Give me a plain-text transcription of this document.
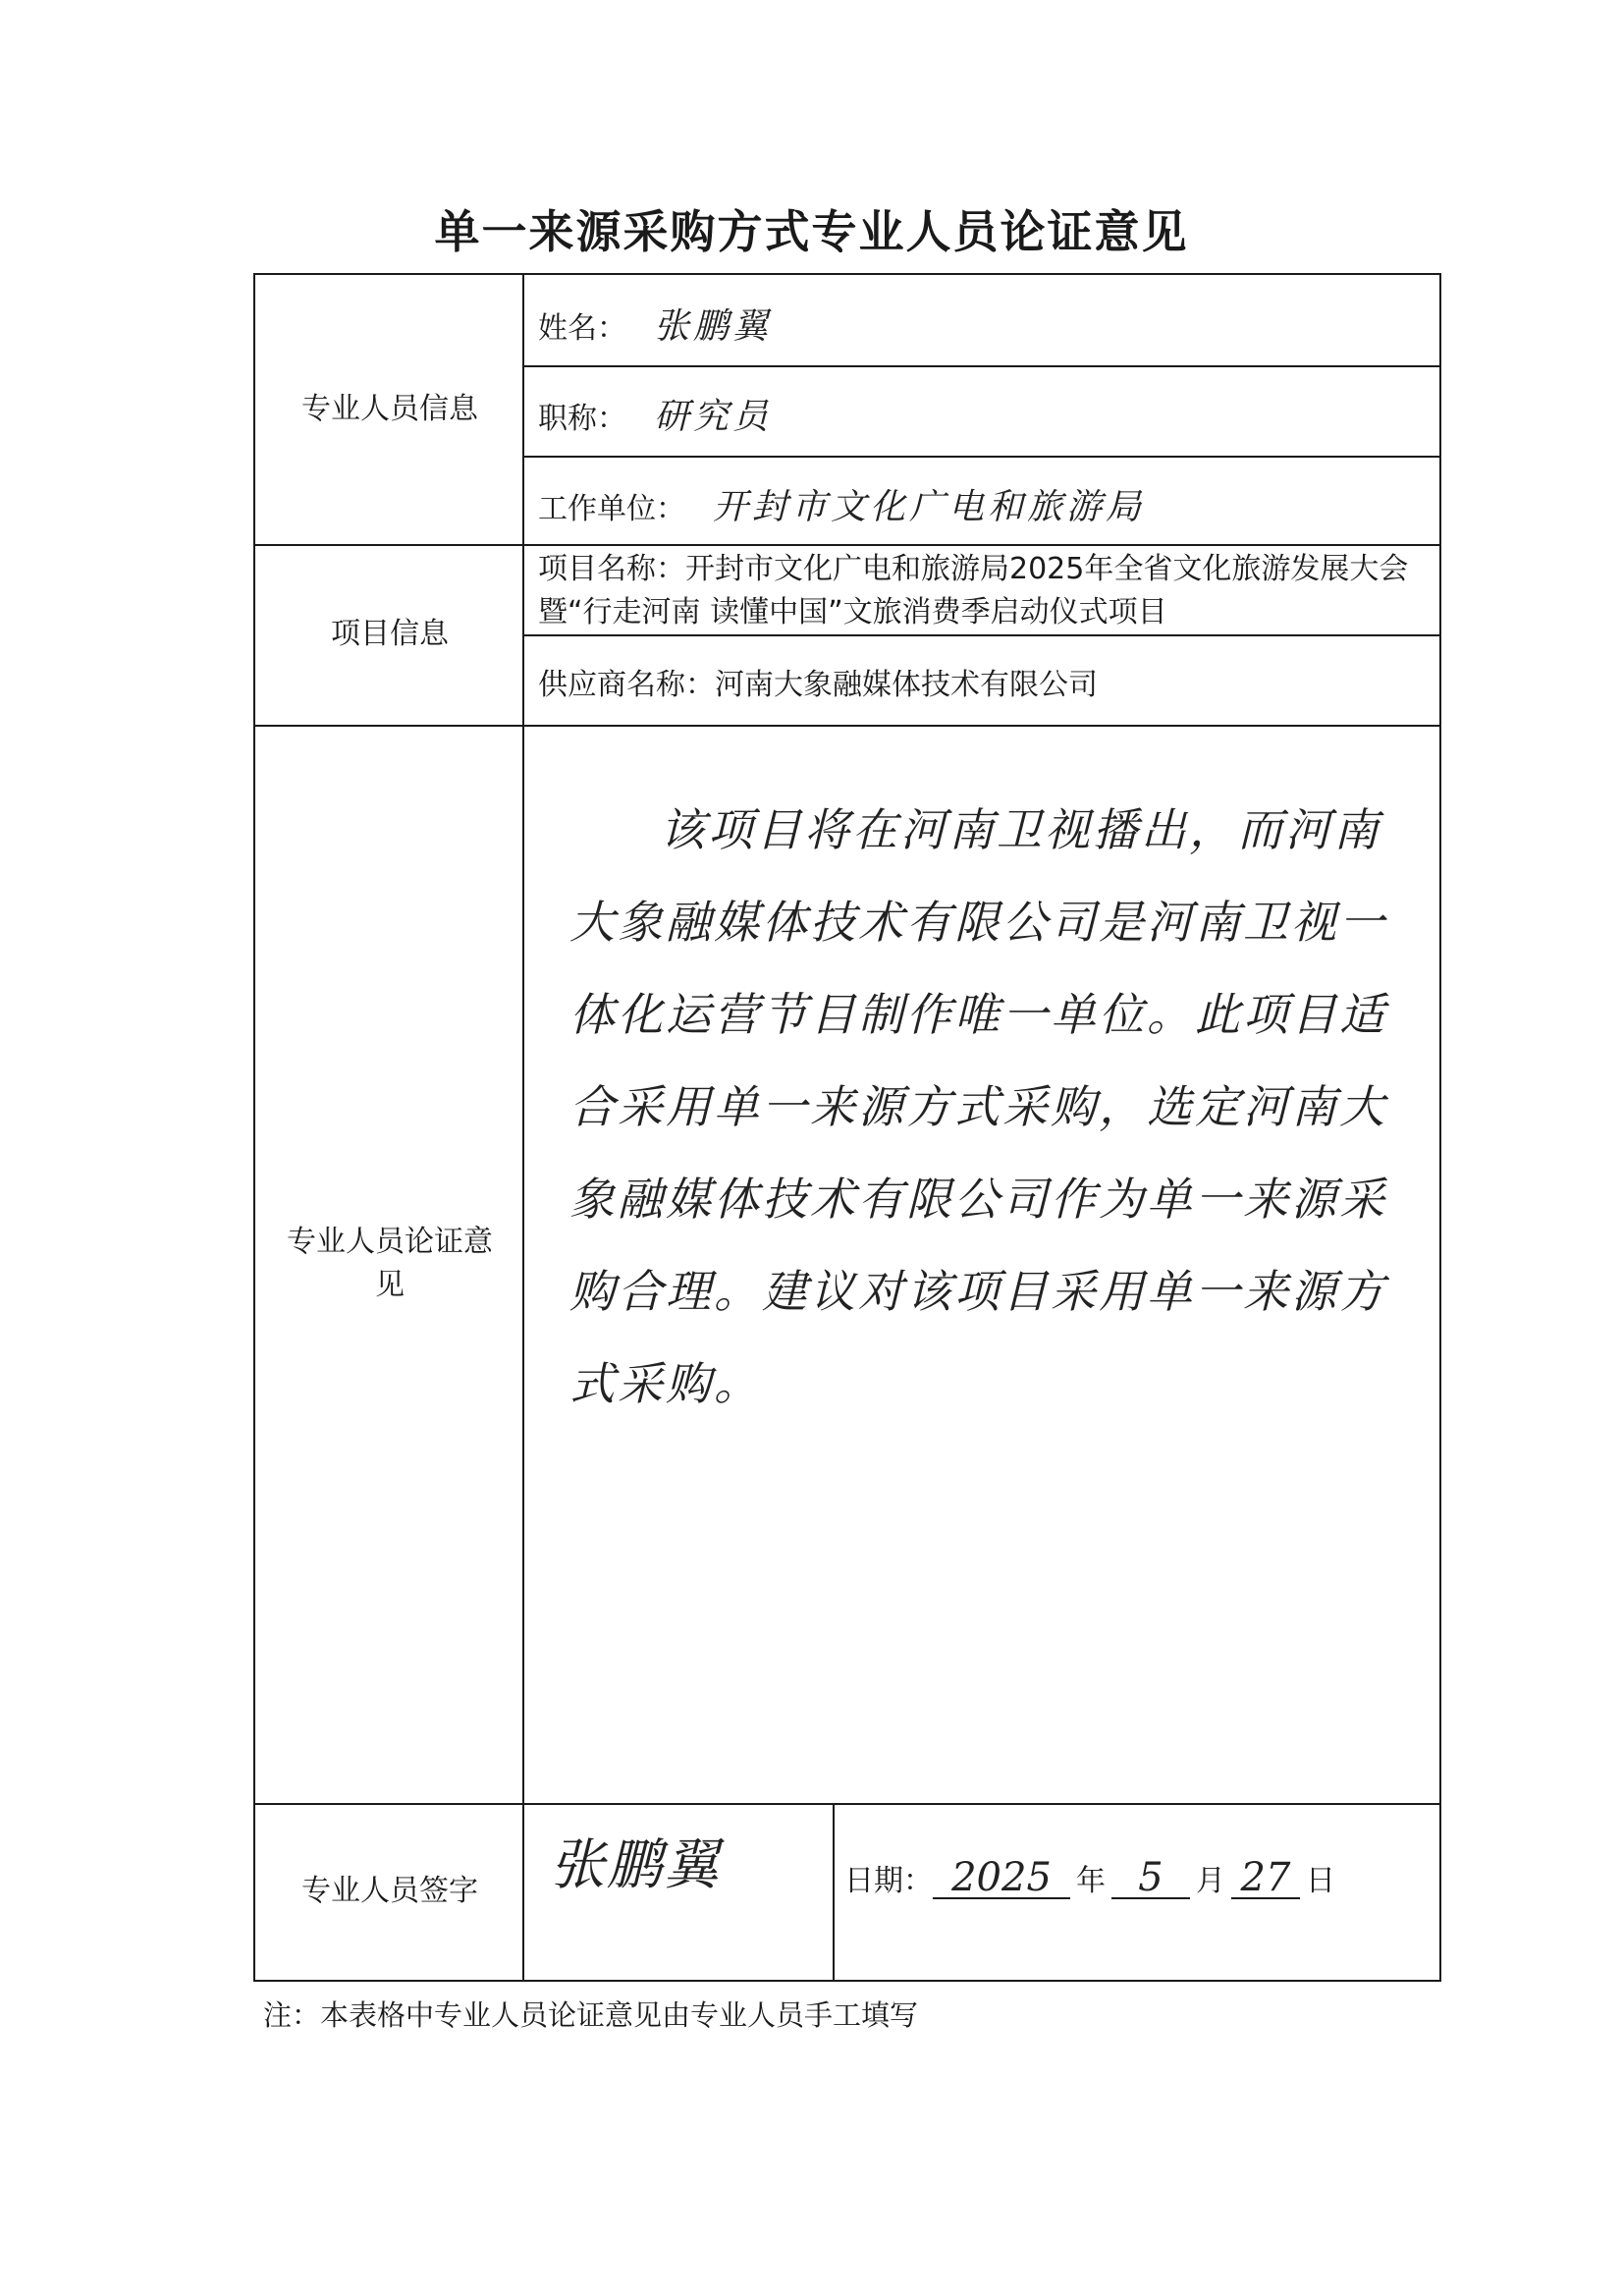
单一来源采购方式专业人员论证意见
专业人员信息
姓名： 张鹏翼
职称： 研究员
工作单位： 开封市文化广电和旅游局
项目信息
项目名称：开封市文化广电和旅游局2025年全省文化旅游发展大会暨“行走河南 读懂中国”文旅消费季启动仪式项目
供应商名称：河南大象融媒体技术有限公司
专业人员论证意见
该项目将在河南卫视播出，而河南大象融媒体技术有限公司是河南卫视一体化运营节目制作唯一单位。此项目适合采用单一来源方式采购，选定河南大象融媒体技术有限公司作为单一来源采购合理。建议对该项目采用单一来源方式采购。
专业人员签字	张鹏翼	日期： 2025 年 5	月 27 日
注：本表格中专业人员论证意见由专业人员手工填写
